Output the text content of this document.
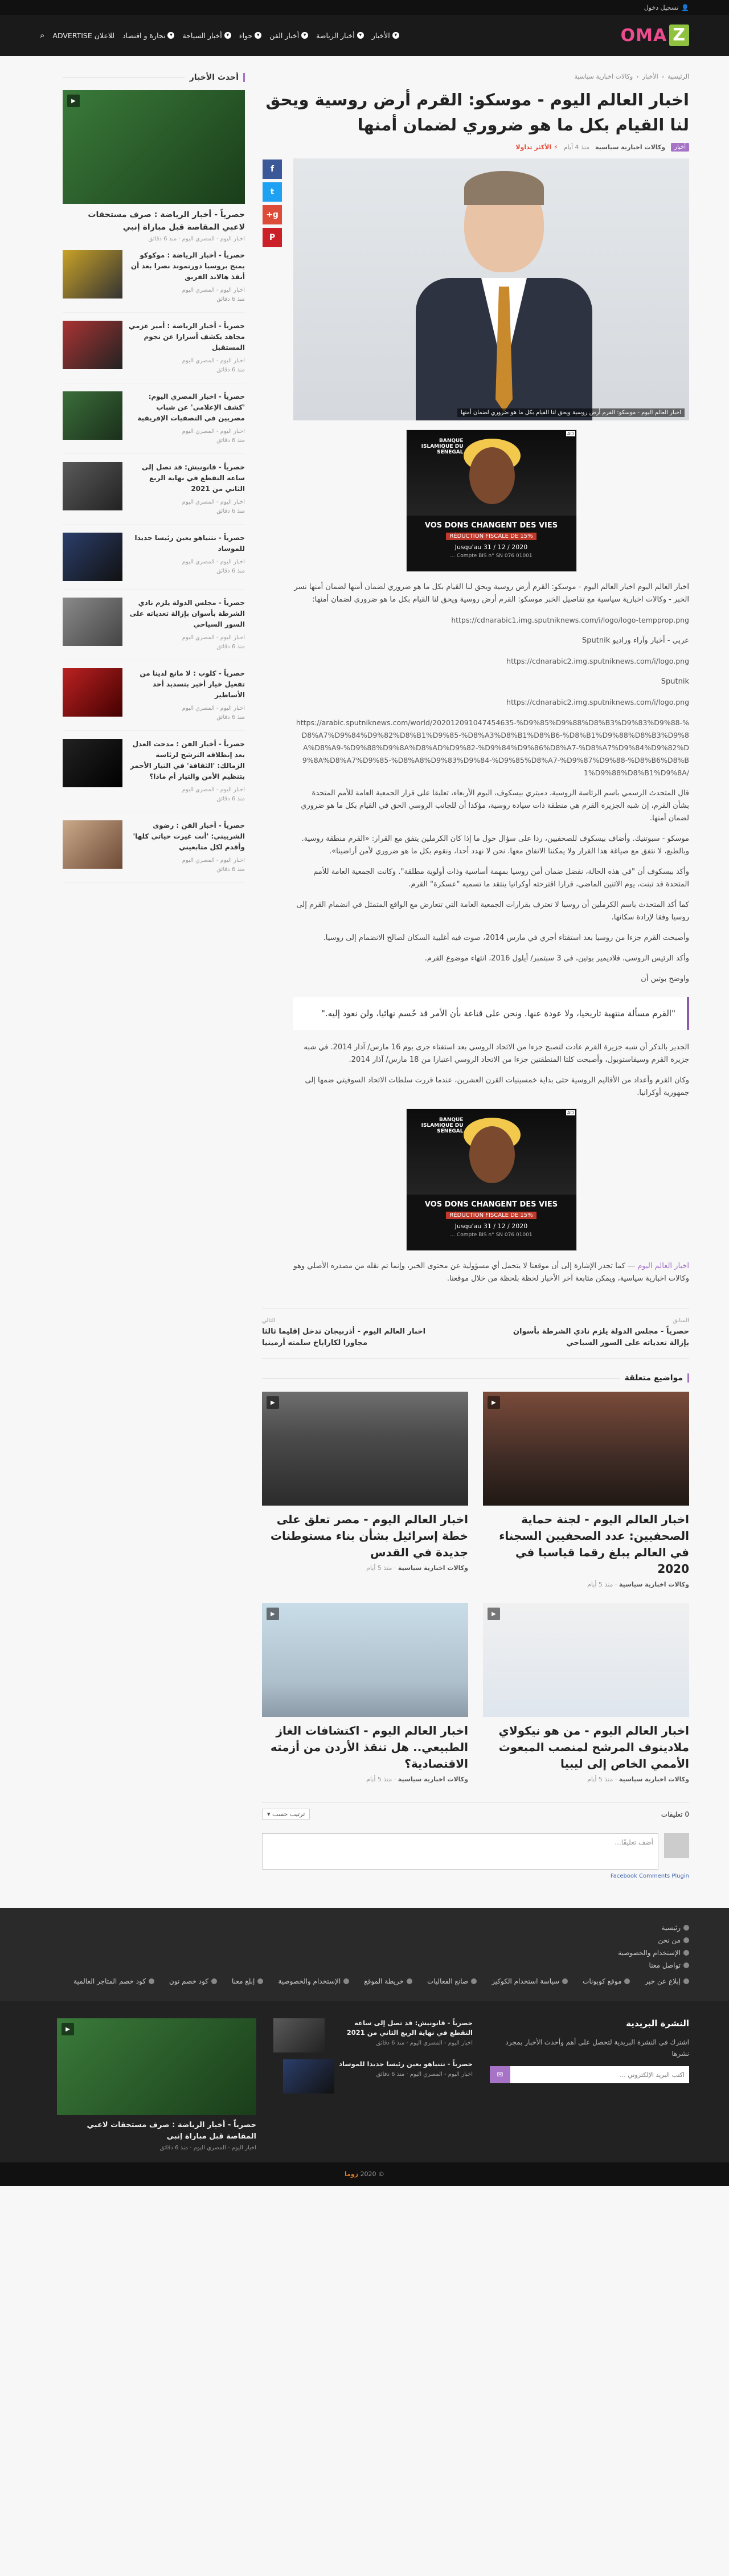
👤
تسجيل دخول
Z
OMA
▾
الأخبار
▾
أخبار الرياضة
▾
أخبار الفن
▾
حواء
▾
أخبار السياحة
▾
تجارة و اقتصاد
للاعلان ADVERTISE
⌕
الرئيسية
‹
الأخبار
‹
وكالات اخبارية سياسية
اخبار العالم اليوم - موسكو: القرم أرض روسية ويحق لنا القيام بكل ما هو ضروري لضمان أمنها
أخبار
وكالات اخبارية سياسية
منذ 4 أيام
⚡ الأكثر تداولا
اخبار العالم اليوم - موسكو: القرم أرض روسية ويحق لنا القيام بكل ما هو ضروري لضمان أمنها
BANQUE ISLAMIQUE DU SENEGAL
AD
VOS DONS CHANGENT DES VIES
RÉDUCTION FISCALE DE 15%
Jusqu'au 31 / 12 / 2020
Compte BIS n° SN 076 01001 ...

اخبار العالم اليوم اخبار العالم اليوم - موسكو: القرم أرض روسية ويحق لنا القيام بكل ما هو ضروري لضمان أمنها لضمان أمنها نسر الخبر - وكالات اخبارية سياسية مع تفاصيل الخبر موسكو: القرم أرض روسية ويحق لنا القيام بكل ما هو ضروري لضمان أمنها:

https://cdnarabic1.img.sputniknews.com/i/logo/logo-tempprop.png

عربي - أخبار وآراء وراديو Sputnik

https://cdnarabic2.img.sputniknews.com/i/logo.png

Sputnik

https://cdnarabic2.img.sputniknews.com/i/logo.png

https://arabic.sputniknews.com/world/202012091047454635-%D9%85%D9%88%D8%B3%D9%83%D9%88-%D8%A7%D9%84%D9%82%D8%B1%D9%85-%D8%A3%D8%B1%D8%B6-%D8%B1%D9%88%D8%B3%D9%8A%D8%A9-%D9%88%D9%8A%D8%AD%D9%82-%D9%84%D9%86%D8%A7-%D8%A7%D9%84%D9%82%D9%8A%D8%A7%D9%85-%D8%A8%D9%83%D9%84-%D9%85%D8%A7-%D9%87%D9%88-%D8%B6%D8%B1%D9%88%D8%B1%D9%8A/

قال المتحدث الرسمي باسم الرئاسة الروسية، دميتري بيسكوف، اليوم الأربعاء، تعليقا على قرار الجمعية العامة للأمم المتحدة بشأن القرم، إن شبه الجزيرة القرم هي منطقة ذات سيادة روسية، مؤكدا أن للجانب الروسي الحق في القيام بكل ما هو ضروري لضمان أمنها.

موسكو - سبوتنيك. وأضاف بيسكوف للصحفيين، ردا على سؤال حول ما إذا كان الكرملين يتفق مع القرار: «القرم منطقة روسية. وبالطبع، لا نتفق مع صياغة هذا القرار ولا يمكننا الاتفاق معها. نحن لا نهدد أحدا، ونقوم بكل ما هو ضروري لأمن أراضينا».

وأكد بيسكوف أن "في هذه الحالة، نفضل ضمان أمن روسيا بمهمة أساسية وذات أولوية مطلقة". وكانت الجمعية العامة للأمم المتحدة قد تبنت، يوم الاثنين الماضي، قرارا اقترحته أوكرانيا ينتقد ما تسميه "عسكرة" القرم.

كما أكد المتحدث باسم الكرملين أن روسيا لا تعترف بقرارات الجمعية العامة التي تتعارض مع الواقع المتمثل في انضمام القرم إلى روسيا وفقا لإرادة سكانها.

وأصبحت القرم جزءا من روسيا بعد استفتاء أجري في مارس 2014، صوت فيه أغلبية السكان لصالح الانضمام إلى روسيا.

وأكد الرئيس الروسي، فلاديمير بوتين، في 3 سبتمبر/ أيلول 2016، انتهاء موضوع القرم.

واوضح بوتين أن

"القرم مسألة منتهية تاريخيا، ولا عودة عنها. ونحن على قناعة بأن الأمر قد حُسم نهائيا، ولن نعود إليه."

الجدير بالذكر أن شبه جزيرة القرم عادت لتصبح جزءا من الاتحاد الروسي بعد استفتاء جرى يوم 16 مارس/ آذار 2014. في شبه جزيرة القرم وسيفاستوبول، وأصبحت كلتا المنطقتين جزءا من الاتحاد الروسي اعتبارا من 18 مارس/ آذار 2014.

وكان القرم وأعداد من الأقاليم الروسية حتى بداية خمسينيات القرن العشرين، عندما قررت سلطات الاتحاد السوفيتي ضمها إلى جمهورية أوكرانيا.

BANQUE ISLAMIQUE DU SENEGAL
AD
VOS DONS CHANGENT DES VIES
RÉDUCTION FISCALE DE 15%
Jusqu'au 31 / 12 / 2020
Compte BIS n° SN 076 01001 ...

اخبار العالم اليوم — كما تجدر الإشارة إلى أن موقعنا لا يتحمل أي مسؤولية عن محتوى الخبر، وإنما تم نقله من مصدره الأصلي وهو وكالات اخبارية سياسية، ويمكن متابعة آخر الأخبار لحظة بلحظة من خلال موقعنا.

f
t
g+
P
السابق
حصرياً - مجلس الدولة يلزم نادي الشرطة بأسوان بإزالة تعدياته على السور السياحي
التالي
اخبار العالم اليوم - أذربيجان تدخل إقليما ثالثا مجاورا لكاراباخ سلمته أرمينيا
مواضيع متعلقة
▶
اخبار العالم اليوم - لجنة حماية الصحفيين: عدد الصحفيين السجناء في العالم يبلغ رقما قياسيا في 2020
وكالات اخبارية سياسية · منذ 5 أيام
▶
اخبار العالم اليوم - مصر تعلق على خطة إسرائيل بشأن بناء مستوطنات جديدة في القدس
وكالات اخبارية سياسية · منذ 5 أيام
▶
اخبار العالم اليوم - من هو نيكولاي ملادينوف المرشح لمنصب المبعوث الأممي الخاص إلى ليبيا
وكالات اخبارية سياسية · منذ 5 أيام
▶
اخبار العالم اليوم - اكتشافات الغاز الطبيعي.. هل تنقذ الأردن من أزمته الاقتصادية؟
وكالات اخبارية سياسية · منذ 5 أيام
0 تعليقات
ترتيب حسب ▾
أضف تعليقًا...
Facebook Comments Plugin
أحدث الأخبار
▶
حصرياً - أخبار الرياضة : صرف مستحقات لاعبي المقاصة قبل مباراة إنبي
اخبار اليوم - المصري اليوم · منذ 6 دقائق
حصرياً - أخبار الرياضة : موكوكو يمنح بروسيا دورتموند نصرا بعد أن أنقذ هالاند الفريق
اخبار اليوم - المصري اليوم
منذ 6 دقائق
حصرياً - أخبار الرياضة : أمير عزمي مجاهد يكشف أسرارا عن نجوم المستقبل
اخبار اليوم - المصري اليوم
منذ 6 دقائق
حصرياً - اخبار المصري اليوم: 'كشف الإعلامي' عن شباب مصريين في التصفيات الإفريقية
اخبار اليوم - المصري اليوم
منذ 6 دقائق
حصرياً - قانونيش: قد تصل إلى ساعة التقطع في نهاية الربع الثاني من 2021
اخبار اليوم - المصري اليوم
منذ 6 دقائق
حصرياً - نتنياهو يعين رئيسا جديدا للموساد
اخبار اليوم - المصري اليوم
منذ 6 دقائق
حصرياً - مجلس الدولة يلزم نادي الشرطة بأسوان بإزالة تعدياته على السور السياحي
اخبار اليوم - المصري اليوم
منذ 6 دقائق
حصرياً - كلوب : لا مانع لدينا من تفعيل خيار أخير بتسديد أحد الأساطير
اخبار اليوم - المصري اليوم
منذ 6 دقائق
حصرياً - أخبار الفن : مدحت العدل بعد إنطلاقه الترشح لرئاسة الزمالك: 'الثقافة' في التيار الأحمر بتنظيم الأمن والتيار أم ماذا؟
اخبار اليوم - المصري اليوم
منذ 6 دقائق
حصرياً - أخبار الفن : رضوى الشربيني: 'أنت غيرت حياتي كلها' وأقدم لكل متابعيني
اخبار اليوم - المصري اليوم
منذ 6 دقائق
رئيسية
من نحن
الإستخدام والخصوصية
تواصل معنا
إبلاغ عن خبر
موقع كوبونات
سياسة استخدام الكوكيز
صانع الفعاليات
خريطة الموقع
الإستخدام والخصوصية
إبلغ معنا
كود خصم نون
كود خصم المتاجر العالمية
النشرة البريدية
اشترك في النشرة البريدية لتحصل على أهم وأحدث الأخبار بمجرد نشرها
اكتب البريد الإلكتروني ...
✉
حصرياً - قانونيش: قد تصل إلى ساعة التقطع في نهاية الربع الثاني من 2021
اخبار اليوم - المصري اليوم · منذ 6 دقائق
حصرياً - نتنياهو يعين رئيسا جديدا للموساد
اخبار اليوم - المصري اليوم · منذ 6 دقائق
▶
حصرياً - أخبار الرياضة : صرف مستحقات لاعبي المقاصة قبل مباراة إنبي
اخبار اليوم - المصري اليوم · منذ 6 دقائق
© 2020 زوما
